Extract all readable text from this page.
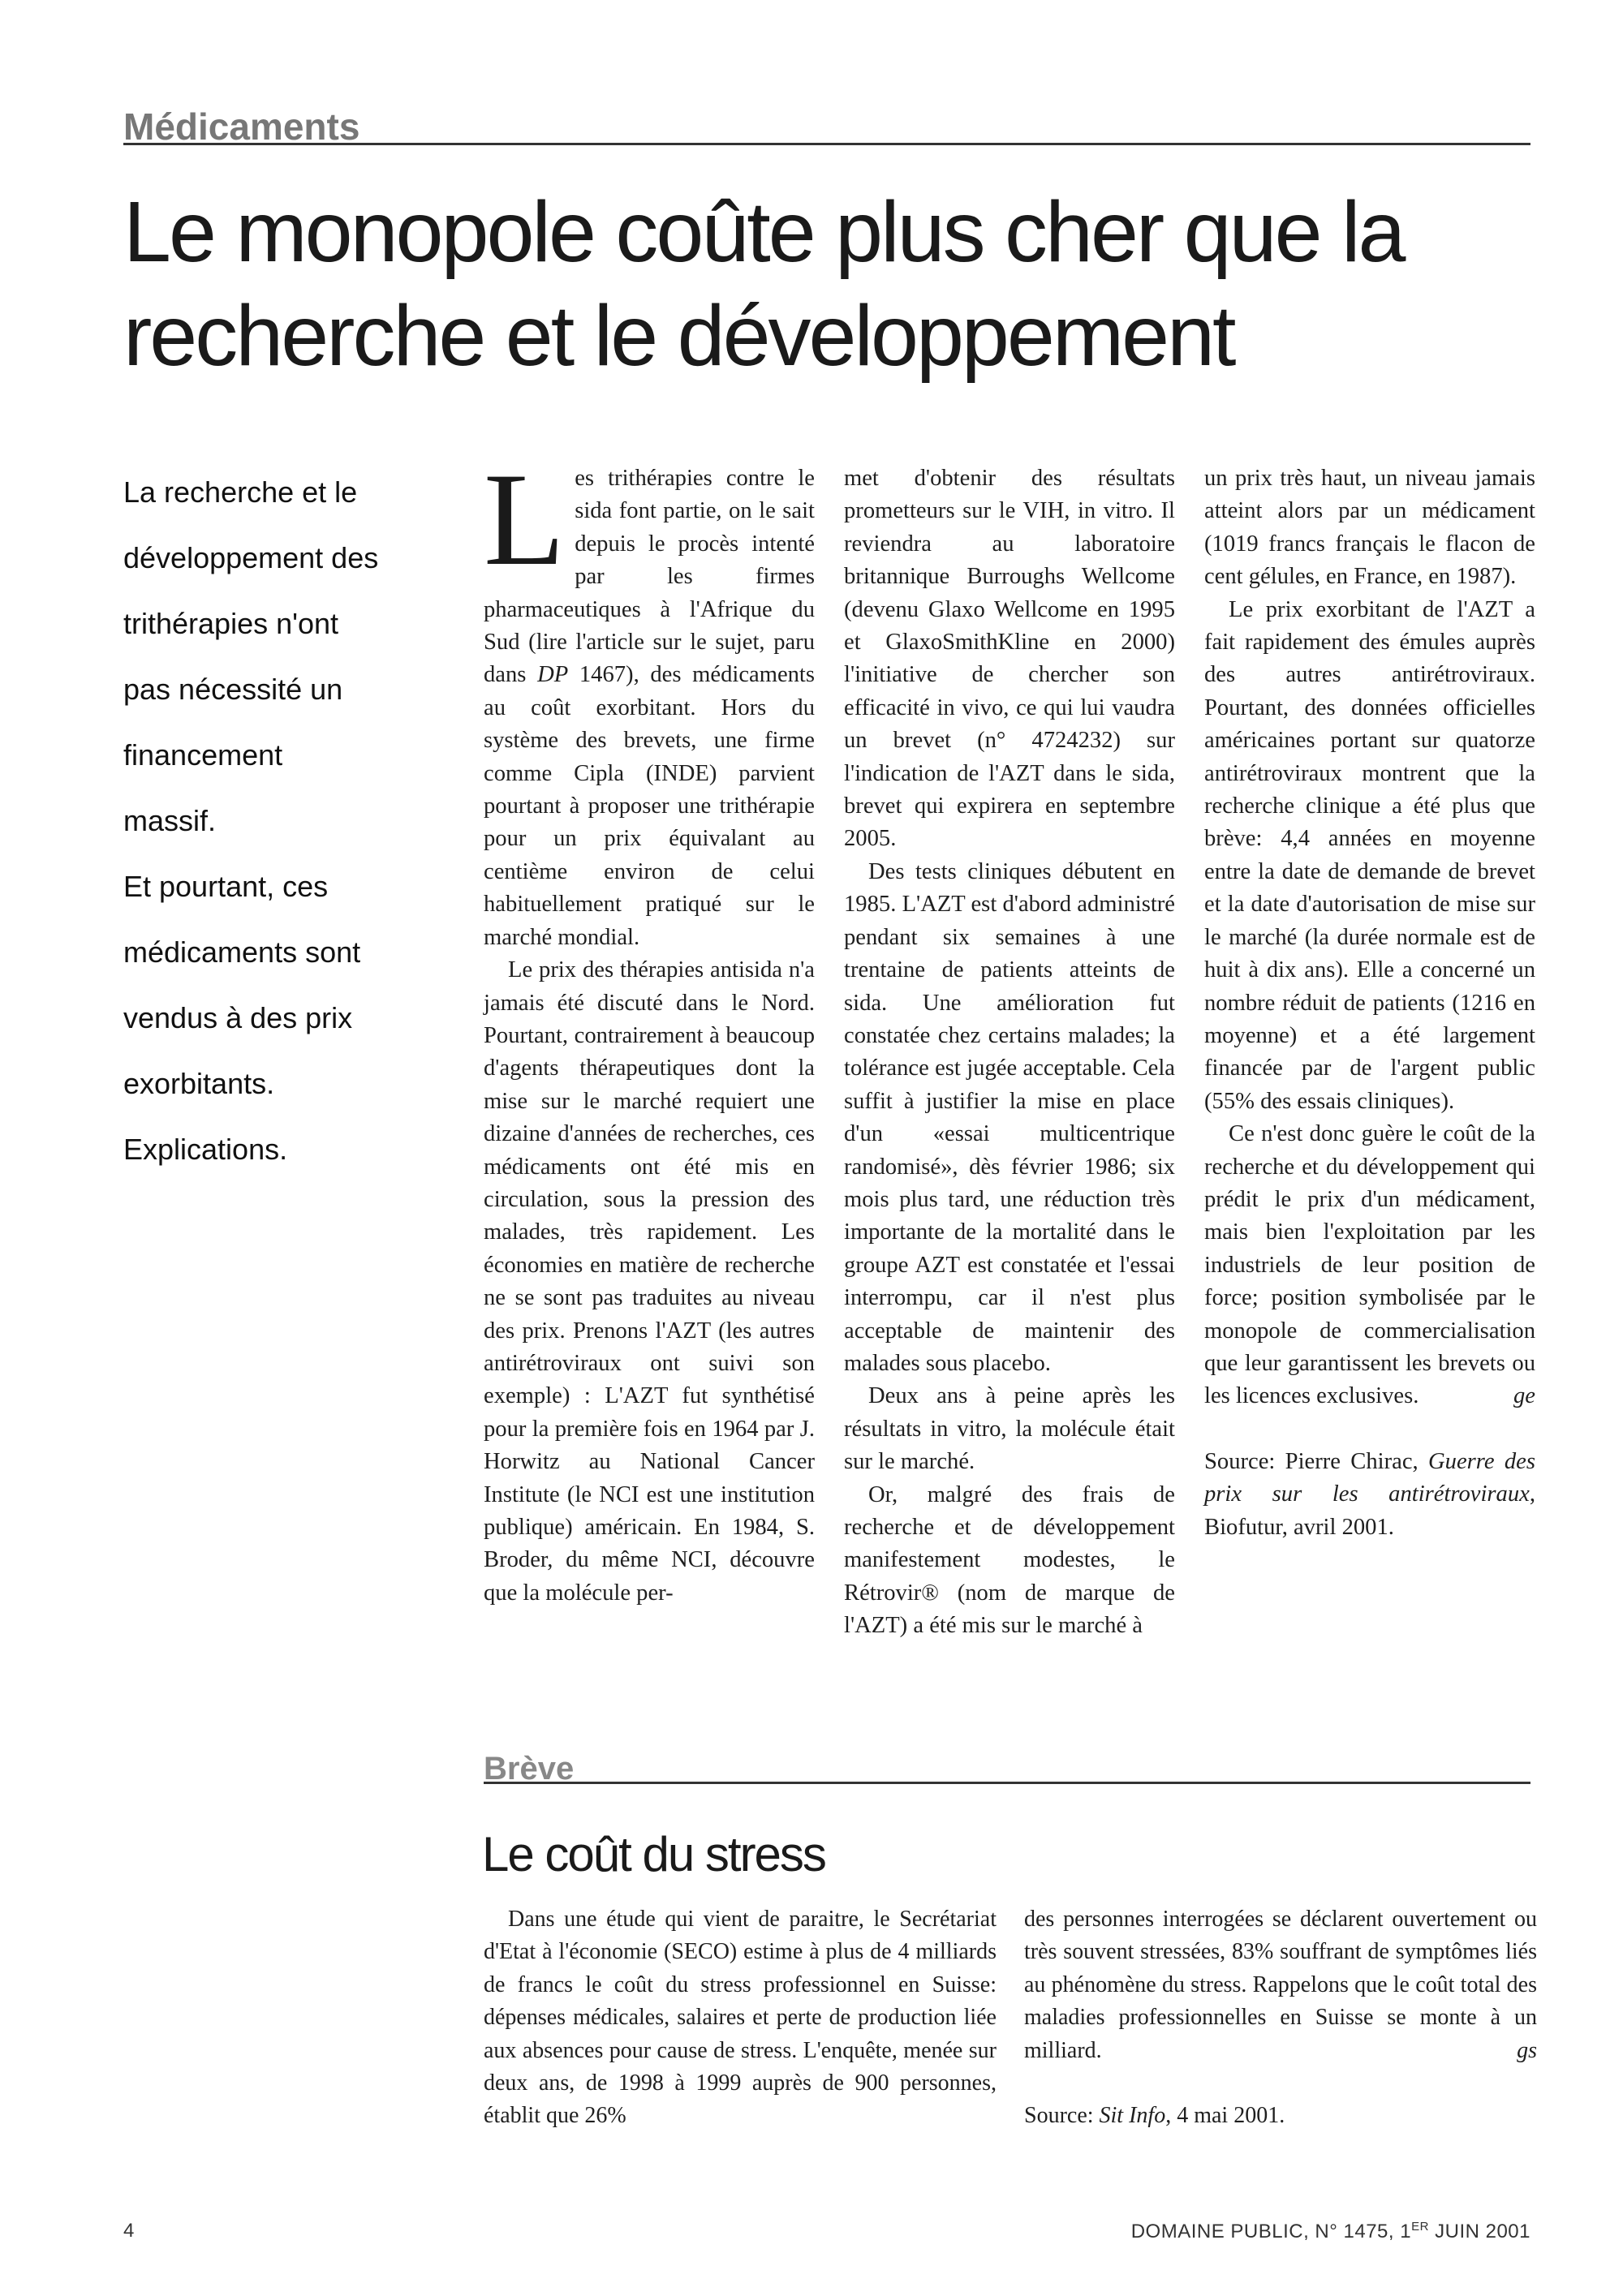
Médicaments
Le monopole coûte plus cher que la
recherche et le développement

La recherche et le

développement des

trithérapies n'ont

pas nécessité un

financement

massif.

Et pourtant, ces

médicaments sont

vendus à des prix

exorbitants.

Explications.

Les trithérapies contre le sida font partie, on le sait depuis le procès intenté par les firmes pharmaceutiques à l'Afrique du Sud (lire l'article sur le sujet, paru dans DP 1467), des médicaments au coût exorbitant. Hors du système des brevets, une firme comme Cipla (INDE) parvient pourtant à proposer une trithérapie pour un prix équivalant au centième environ de celui habituellement pratiqué sur le marché mondial.

Le prix des thérapies antisida n'a jamais été discuté dans le Nord. Pourtant, contrairement à beaucoup d'agents thérapeutiques dont la mise sur le marché requiert une dizaine d'années de recherches, ces médicaments ont été mis en circulation, sous la pression des malades, très rapidement. Les économies en matière de recherche ne se sont pas traduites au niveau des prix. Prenons l'AZT (les autres antirétroviraux ont suivi son exemple) : L'AZT fut synthétisé pour la première fois en 1964 par J. Horwitz au National Cancer Institute (le NCI est une institution publique) américain. En 1984, S. Broder, du même NCI, découvre que la molécule per-

met d'obtenir des résultats prometteurs sur le VIH, in vitro. Il reviendra au laboratoire britannique Burroughs Wellcome (devenu Glaxo Wellcome en 1995 et GlaxoSmithKline en 2000) l'initiative de chercher son efficacité in vivo, ce qui lui vaudra un brevet (n° 4724232) sur l'indication de l'AZT dans le sida, brevet qui expirera en septembre 2005.

Des tests cliniques débutent en 1985. L'AZT est d'abord administré pendant six semaines à une trentaine de patients atteints de sida. Une amélioration fut constatée chez certains malades; la tolérance est jugée acceptable. Cela suffit à justifier la mise en place d'un «essai multicentrique randomisé», dès février 1986; six mois plus tard, une réduction très importante de la mortalité dans le groupe AZT est constatée et l'essai interrompu, car il n'est plus acceptable de maintenir des malades sous placebo.

Deux ans à peine après les résultats in vitro, la molécule était sur le marché.

Or, malgré des frais de recherche et de développement manifestement modestes, le Rétrovir® (nom de marque de l'AZT) a été mis sur le marché à

un prix très haut, un niveau jamais atteint alors par un médicament (1019 francs français le flacon de cent gélules, en France, en 1987).

Le prix exorbitant de l'AZT a fait rapidement des émules auprès des autres antirétroviraux. Pourtant, des données officielles américaines portant sur quatorze antirétroviraux montrent que la recherche clinique a été plus que brève: 4,4 années en moyenne entre la date de demande de brevet et la date d'autorisation de mise sur le marché (la durée normale est de huit à dix ans). Elle a concerné un nombre réduit de patients (1216 en moyenne) et a été largement financée par de l'argent public (55% des essais cliniques).

Ce n'est donc guère le coût de la recherche et du développement qui prédit le prix d'un médicament, mais bien l'exploitation par les industriels de leur position de force; position symbolisée par le monopole de commercialisation que leur garantissent les brevets ou les licences exclusives.	ge

Source: Pierre Chirac, Guerre des prix sur les antirétroviraux, Biofutur, avril 2001.

Brève
Le coût du stress

Dans une étude qui vient de paraitre, le Secrétariat d'Etat à l'économie (SECO) estime à plus de 4 milliards de francs le coût du stress professionnel en Suisse: dépenses médicales, salaires et perte de production liée aux absences pour cause de stress. L'enquête, menée sur deux ans, de 1998 à 1999 auprès de 900 personnes, établit que 26%

des personnes interrogées se déclarent ouvertement ou très souvent stressées, 83% souffrant de symptômes liés au phénomène du stress. Rappelons que le coût total des maladies professionnelles en Suisse se monte à un milliard.	gs

Source: Sit Info, 4 mai 2001.

4	DOMAINE PUBLIC, N° 1475, 1ER JUIN 2001
